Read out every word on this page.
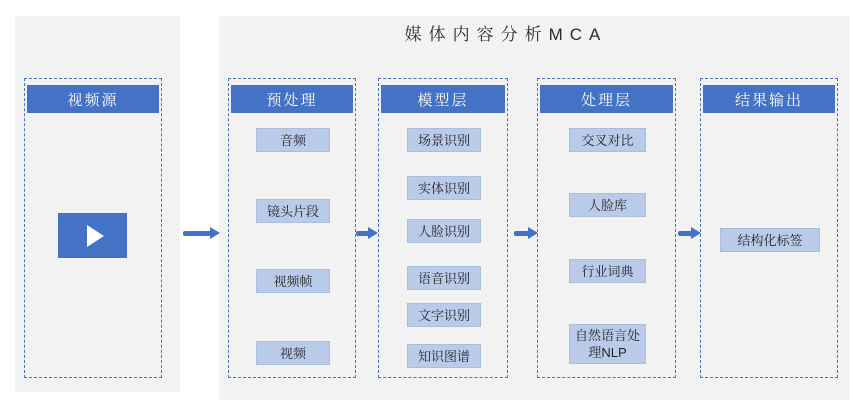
媒体内容分析MCA
视频源	预处理
音频
镜头片段
视频帧
视频
模型层
场景识别
实体识别
人脸识别
语音识别
文字识别
知识图谱
处理层
交叉对比
人脸库
行业词典
自然语言处理NLP
结果输出
结构化标签
